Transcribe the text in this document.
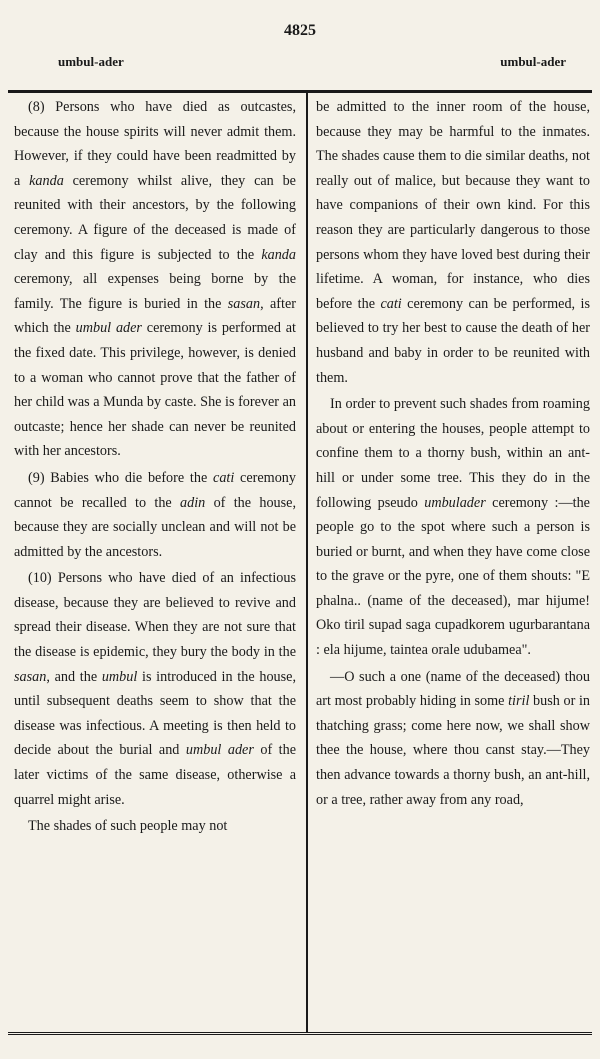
4825
umbul-ader	umbul-ader

(8) Persons who have died as outcastes, because the house spirits will never admit them. However, if they could have been readmitted by a kanda ceremony whilst alive, they can be reunited with their ancestors, by the following ceremony. A figure of the deceased is made of clay and this figure is subjected to the kanda ceremony, all expenses being borne by the family. The figure is buried in the sasan, after which the umbul ader ceremony is performed at the fixed date. This privilege, however, is denied to a woman who cannot prove that the father of her child was a Munda by caste. She is forever an outcaste; hence her shade can never be reunited with her ancestors.

(9) Babies who die before the cati ceremony cannot be recalled to the adin of the house, because they are socially unclean and will not be admitted by the ancestors.

(10) Persons who have died of an infectious disease, because they are believed to revive and spread their disease. When they are not sure that the disease is epidemic, they bury the body in the sasan, and the umbul is introduced in the house, until subsequent deaths seem to show that the disease was infectious. A meeting is then held to decide about the burial and umbul ader of the later victims of the same disease, otherwise a quarrel might arise.

The shades of such people may not

be admitted to the inner room of the house, because they may be harmful to the inmates. The shades cause them to die similar deaths, not really out of malice, but because they want to have companions of their own kind. For this reason they are particularly dangerous to those persons whom they have loved best during their lifetime. A woman, for instance, who dies before the cati ceremony can be performed, is believed to try her best to cause the death of her husband and baby in order to be reunited with them.

In order to prevent such shades from roaming about or entering the houses, people attempt to confine them to a thorny bush, within an ant-hill or under some tree. This they do in the following pseudo umbulader ceremony :—the people go to the spot where such a person is buried or burnt, and when they have come close to the grave or the pyre, one of them shouts: "E phalna.. (name of the deceased), mar hijume! Oko tiril supad saga cupadkorem ugurbarantana : ela hijume, taintea orale udubamea".

—O such a one (name of the deceased) thou art most probably hiding in some tiril bush or in thatching grass; come here now, we shall show thee the house, where thou canst stay.—They then advance towards a thorny bush, an ant-hill, or a tree, rather away from any road,
